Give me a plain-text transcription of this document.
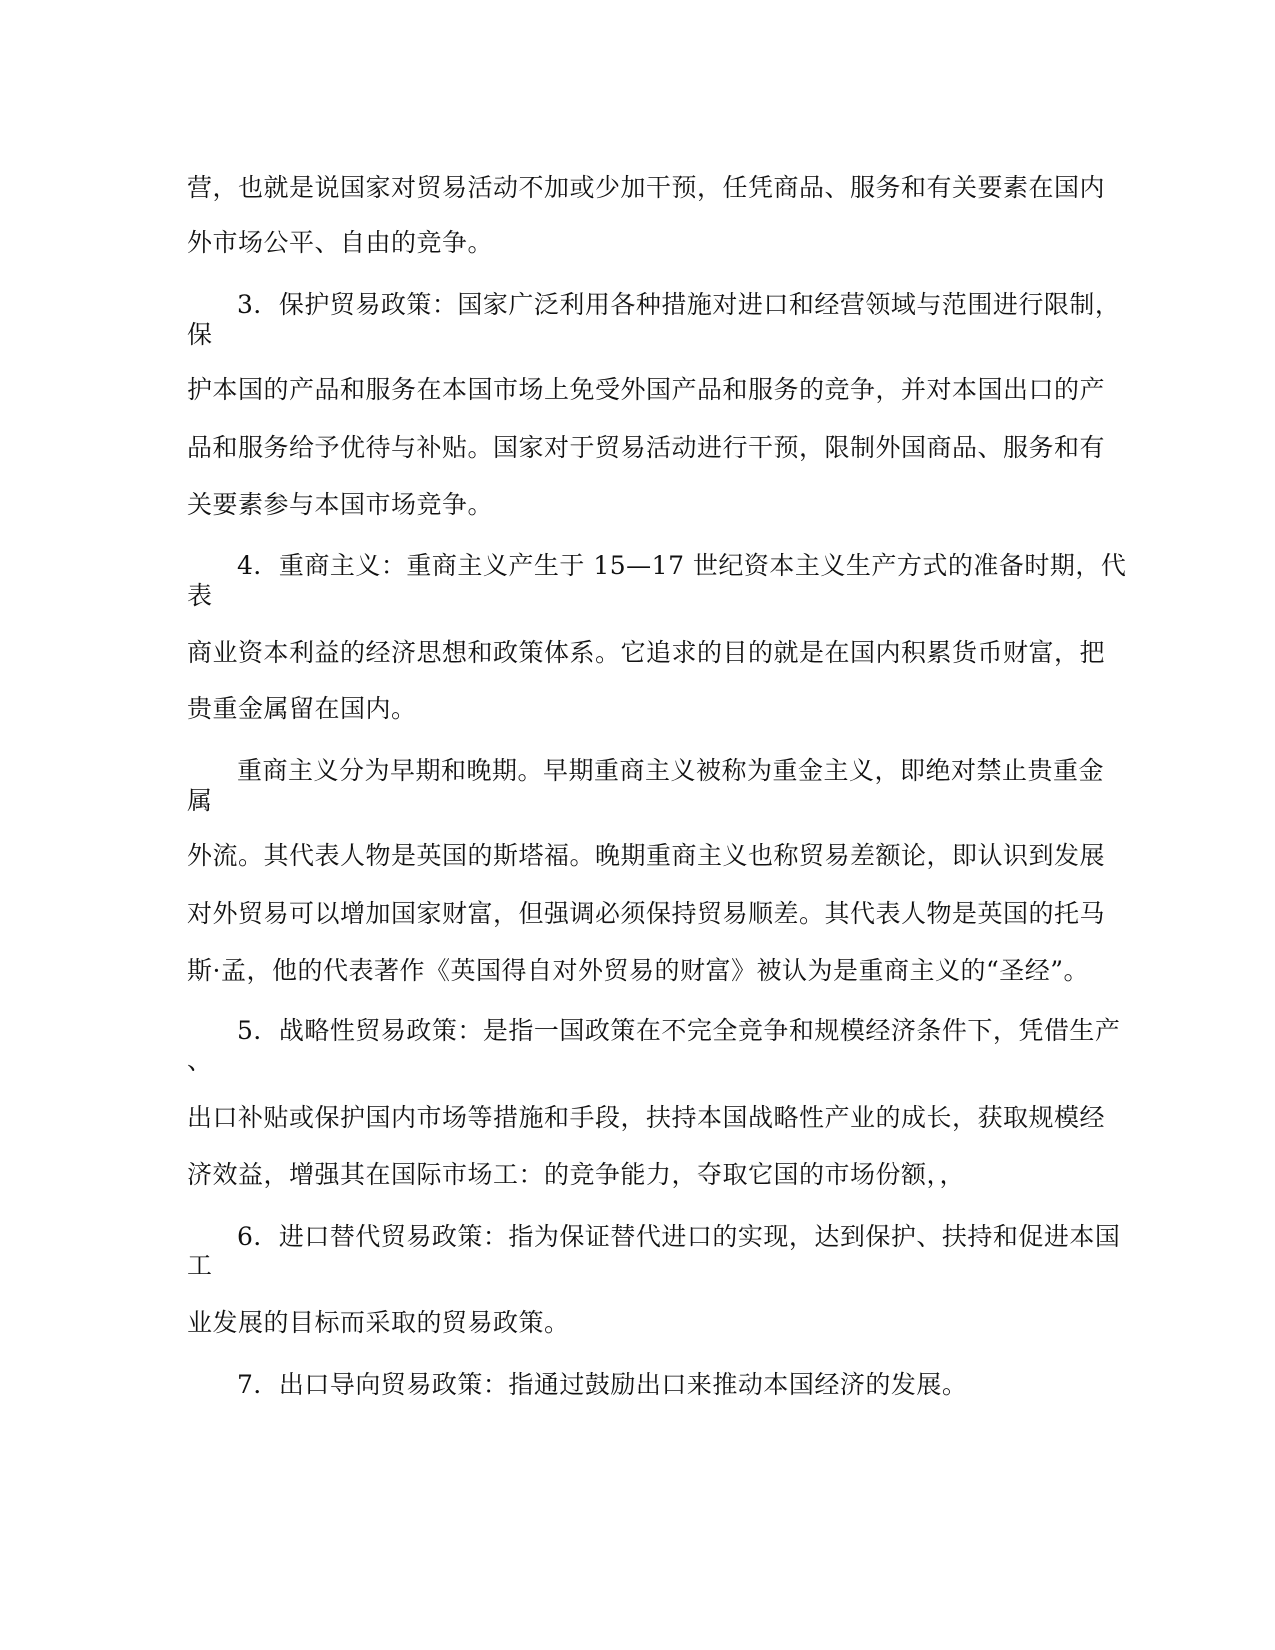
营，也就是说国家对贸易活动不加或少加干预，任凭商品、服务和有关要素在国内
外市场公平、自由的竞争。
3．保护贸易政策：国家广泛利用各种措施对进口和经营领域与范围进行限制，
保
护本国的产品和服务在本国市场上免受外国产品和服务的竞争，并对本国出口的产
品和服务给予优待与补贴。国家对于贸易活动进行干预，限制外国商品、服务和有
关要素参与本国市场竞争。
4．重商主义：重商主义产生于 15—17 世纪资本主义生产方式的准备时期，代
表
商业资本利益的经济思想和政策体系。它追求的目的就是在国内积累货币财富，把
贵重金属留在国内。
重商主义分为早期和晚期。早期重商主义被称为重金主义，即绝对禁止贵重金
属
外流。其代表人物是英国的斯塔福。晚期重商主义也称贸易差额论，即认识到发展
对外贸易可以增加国家财富，但强调必须保持贸易顺差。其代表人物是英国的托马
斯·孟，他的代表著作《英国得自对外贸易的财富》被认为是重商主义的“圣经”。
5．战略性贸易政策：是指一国政策在不完全竞争和规模经济条件下，凭借生产
、
出口补贴或保护国内市场等措施和手段，扶持本国战略性产业的成长，获取规模经
济效益，增强其在国际市场工：的竞争能力，夺取它国的市场份额，，
6．进口替代贸易政策：指为保证替代进口的实现，达到保护、扶持和促进本国
工
业发展的目标而采取的贸易政策。
7．出口导向贸易政策：指通过鼓励出口来推动本国经济的发展。
